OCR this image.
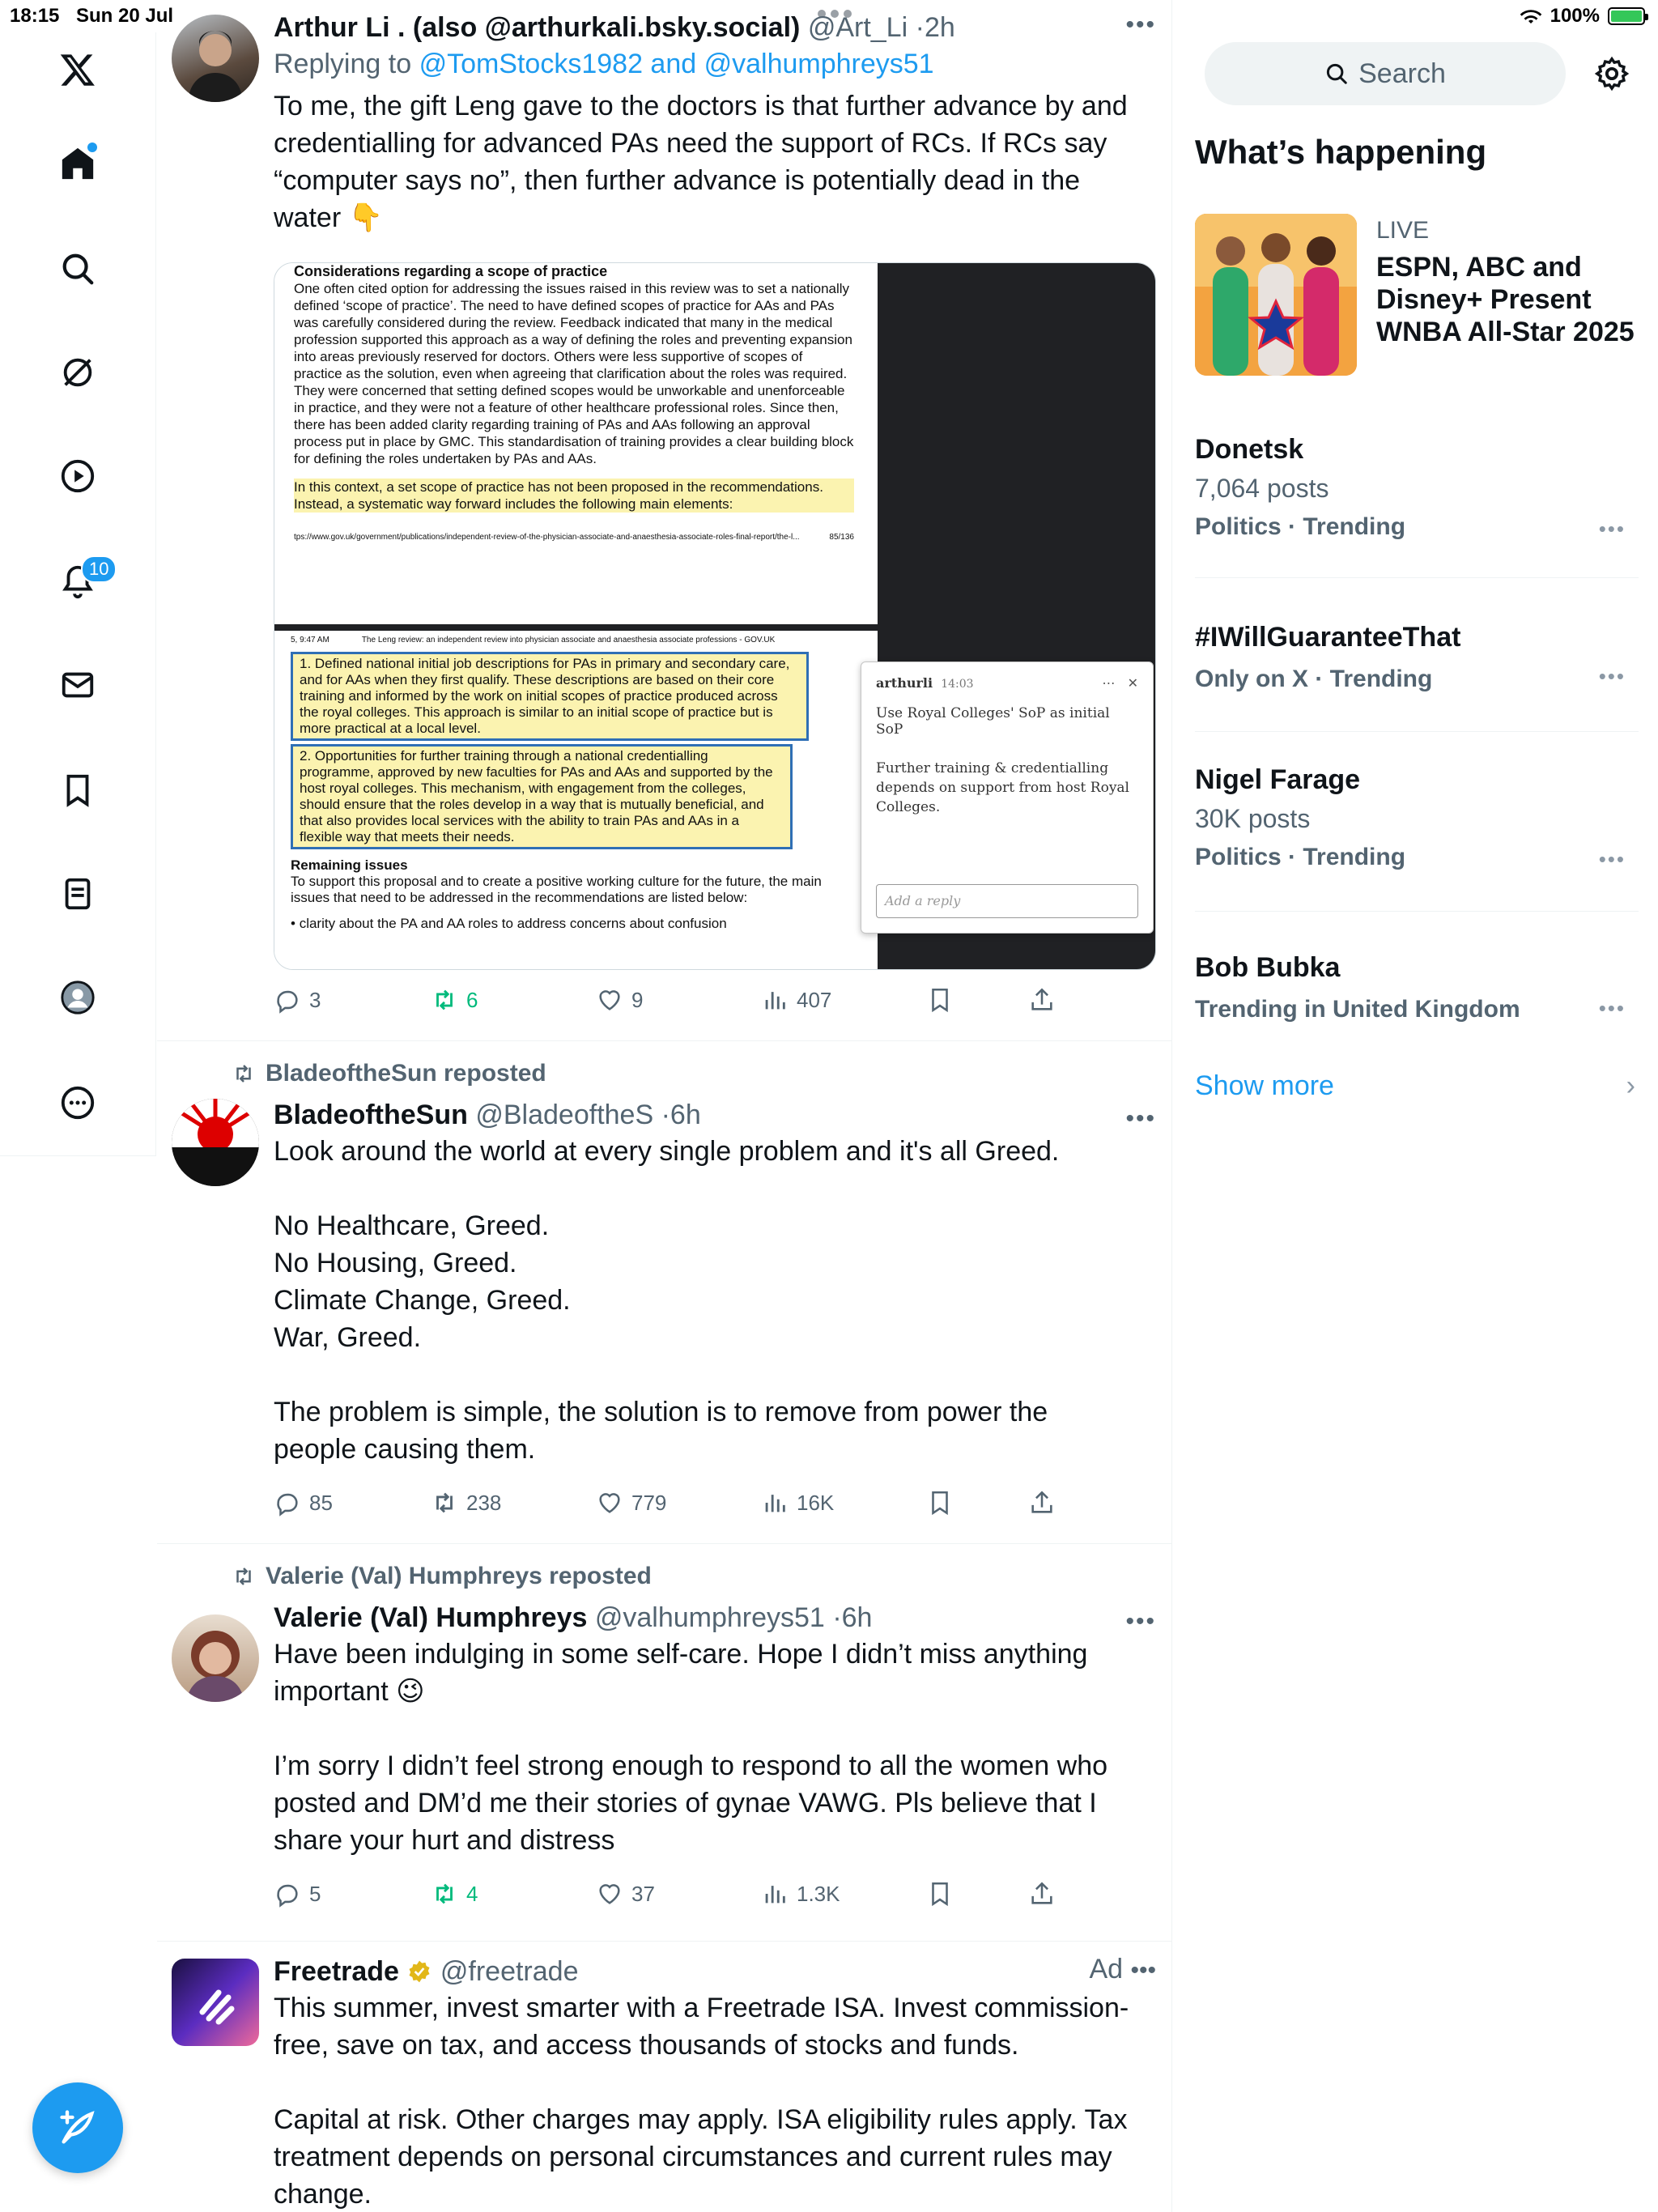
18:15 Sun 20 Jul	100%
10
•••
Arthur Li . (also @arthurkali.bsky.social) @Art_Li ·2h
Replying to @TomStocks1982 and @valhumphreys51
To me, the gift Leng gave to the doctors is that further advance by and credentialling for advanced PAs need the support of RCs. If RCs say “computer says no”, then further advance is potentially dead in the water 👇
Considerations regarding a scope of practice
One often cited option for addressing the issues raised in this review was to set a nationally defined ‘scope of practice’. The need to have defined scopes of practice for AAs and PAs was carefully considered during the review. Feedback indicated that many in the medical profession supported this approach as a way of defining the roles and preventing expansion into areas previously reserved for doctors. Others were less supportive of scopes of practice as the solution, even when agreeing that clarification about the roles was required. They were concerned that setting defined scopes would be unworkable and unenforceable in practice, and they were not a feature of other healthcare professional roles. Since then, there has been added clarity regarding training of PAs and AAs following an approval process put in place by GMC. This standardisation of training provides a clear building block for defining the roles undertaken by PAs and AAs.
In this context, a set scope of practice has not been proposed in the recommendations. Instead, a systematic way forward includes the following main elements:
tps://www.gov.uk/government/publications/independent-review-of-the-physician-associate-and-anaesthesia-associate-roles-final-report/the-l...	85/136
5, 9:47 AM	The Leng review: an independent review into physician associate and anaesthesia associate professions - GOV.UK
1. Defined national initial job descriptions for PAs in primary and secondary care, and for AAs when they first qualify. These descriptions are based on their core training and informed by the work on initial scopes of practice produced across the royal colleges. This approach is similar to an initial scope of practice but is more practical at a local level.
2. Opportunities for further training through a national credentialling programme, approved by new faculties for PAs and AAs and supported by the host royal colleges. This mechanism, with engagement from the colleges, should ensure that the roles develop in a way that is mutually beneficial, and that also provides local services with the ability to train PAs and AAs in a flexible way that meets their needs.
Remaining issues
To support this proposal and to create a positive working culture for the future, the main issues that need to be addressed in the recommendations are listed below:
• clarity about the PA and AA roles to address concerns about confusion
arthurli 14:03	⋯   ✕
Use Royal Colleges' SoP as initial SoP
Further training & credentialling depends on support from host Royal Colleges.
Add a reply
3	6	9	407
BladeoftheSun reposted
•••
BladeoftheSun @BladeoftheS ·6h
Look around the world at every single problem and it's all Greed.

No Healthcare, Greed.
No Housing, Greed.
Climate Change, Greed.
War, Greed.

The problem is simple, the solution is to remove from power the people causing them.
85	238	779	16K
Valerie (Val) Humphreys reposted
•••
Valerie (Val) Humphreys @valhumphreys51 ·6h
Have been indulging in some self-care. Hope I didn’t miss anything important 😉

I’m sorry I didn’t feel strong enough to respond to all the women who posted and DM’d me their stories of gynae VAWG. Pls believe that I share your hurt and distress
5	4	37	1.3K
Ad •••
Freetrade @freetrade
This summer, invest smarter with a Freetrade ISA. Invest commission-free, save on tax, and access thousands of stocks and funds.

Capital at risk. Other charges may apply. ISA eligibility rules apply. Tax treatment depends on personal circumstances and current rules may change.
Search
What’s happening
LIVE
ESPN, ABC and Disney+ Present WNBA All-Star 2025
Donetsk
7,064 posts
Politics · Trending	•••
#IWillGuaranteeThat
Only on X · Trending	•••
Nigel Farage
30K posts
Politics · Trending	•••
Bob Bubka
Trending in United Kingdom	•••
Show more	›
